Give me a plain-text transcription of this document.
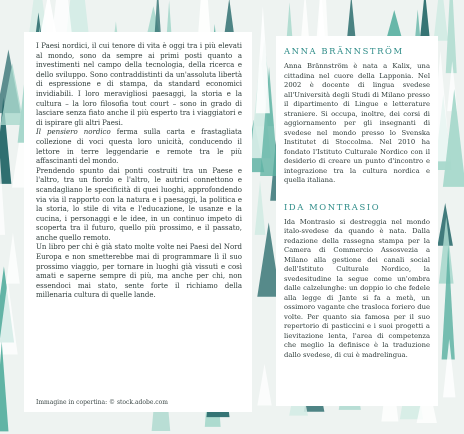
I Paesi nordici, il cui tenore di vita è oggi tra i più elevati al mondo, sono da sempre ai primi posti quanto a investimenti nel campo della tecnologia, della ricerca e dello sviluppo. Sono contraddistinti da un'assoluta libertà di espressione e di stampa, da standard economici invidiabili. I loro meravigliosi paesaggi, la storia e la cultura – la loro filosofia tout court – sono in grado di lasciare senza fiato anche il più esperto tra i viaggiatori e di ispirare gli altri Paesi.

Il pensiero nordico ferma sulla carta e frastagliata collezione di voci questa loro unicità, conducendo il lettore in terre leggendarie e remote tra le più affascinanti del mondo.

Prendendo spunto dai ponti costruiti tra un Paese e l'altro, tra un fiordo e l'altro, le autrici connettono e scandagliano le specificità di quei luoghi, approfondendo via via il rapporto con la natura e i paesaggi, la politica e la storia, lo stile di vita e l'educazione, le usanze e la cucina, i personaggi e le idee, in un continuo impeto di scoperta tra il futuro, quello più prossimo, e il passato, anche quello remoto.

Un libro per chi è già stato molte volte nei Paesi del Nord Europa e non smetterebbe mai di programmare lì il suo prossimo viaggio, per tornare in luoghi già vissuti e così amati e saperne sempre di più, ma anche per chi, non essendoci mai stato, sente forte il richiamo della millenaria cultura di quelle lande.

Immagine in copertina: © stock.adobe.com
ANNA BRÄNNSTRÖM

Anna Brännström è nata a Kalix, una cittadina nel cuore della Lapponia. Nel 2002 è docente di lingua svedese all'Università degli Studi di Milano presso il dipartimento di Lingue e letterature straniere. Si occupa, inoltre, dei corsi di aggiornamento per gli insegnanti di svedese nel mondo presso lo Svenska Institutet di Stoccolma. Nel 2010 ha fondato l'Istituto Culturale Nordico con il desiderio di creare un punto d'incontro e integrazione tra la cultura nordica e quella italiana.

IDA MONTRASIO

Ida Montrasio si destreggia nel mondo italo-svedese da quando è nata. Dalla redazione della rassegna stampa per la Camera di Commercio Assosvezia a Milano alla gestione dei canali social dell'Istituto Culturale Nordico, la svedesitudine la segue come un'ombra dalle calzelunghe: un doppio io che fedele alla legge di Jante si fa a metà, un ossimoro vagante che trasloca foriero due volte. Per quanto sia famosa per il suo repertorio di pasticcini e i suoi progetti a lievitazione lenta, l'area di competenza che meglio la definisce è la traduzione dallo svedese, di cui è madrelingua.
